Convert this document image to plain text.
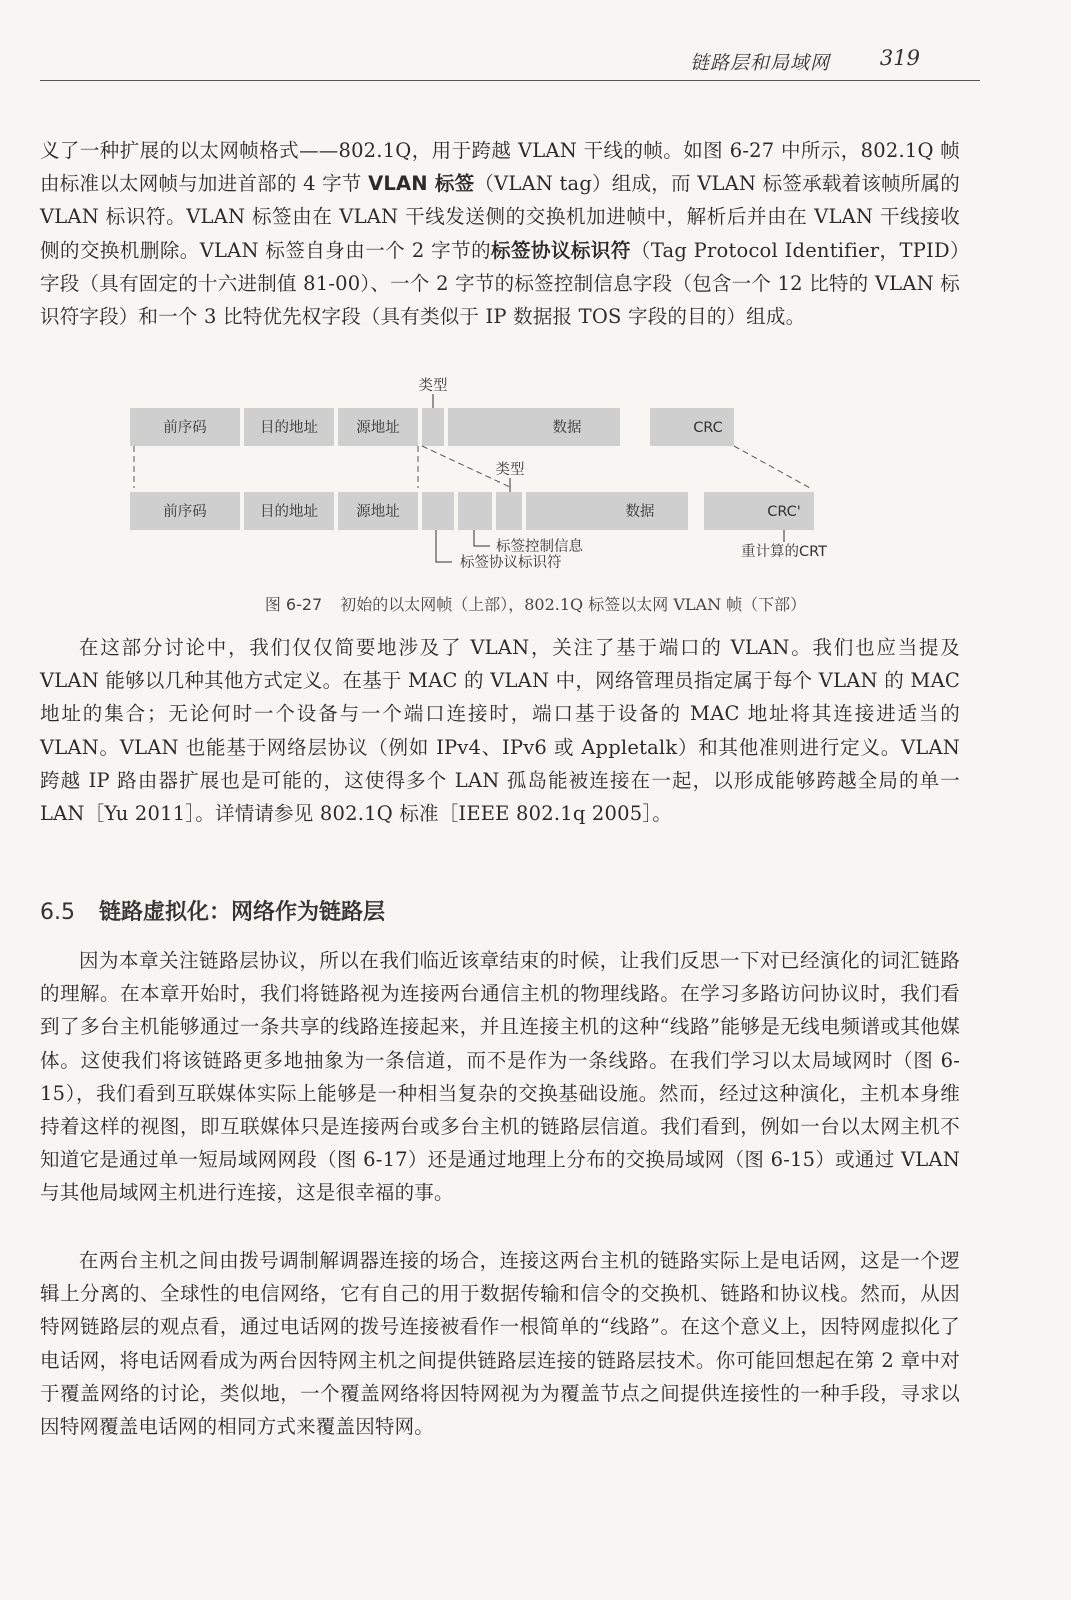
链路层和局域网 319

义了一种扩展的以太网帧格式——802.1Q，用于跨越 VLAN 干线的帧。如图 6-27 中所示，802.1Q 帧由标准以太网帧与加进首部的 4 字节 VLAN 标签（VLAN tag）组成，而 VLAN 标签承载着该帧所属的 VLAN 标识符。VLAN 标签由在 VLAN 干线发送侧的交换机加进帧中，解析后并由在 VLAN 干线接收侧的交换机删除。VLAN 标签自身由一个 2 字节的标签协议标识符（Tag Protocol Identifier，TPID）字段（具有固定的十六进制值 81-00）、一个 2 字节的标签控制信息字段（包含一个 12 比特的 VLAN 标识符字段）和一个 3 比特优先权字段（具有类似于 IP 数据报 TOS 字段的目的）组成。

前序码	目的地址	源地址	数据	CRC
类型
前序码	目的地址	源地址	数据	CRC'
类型
标签控制信息
标签协议标识符
重计算的CRT
图 6-27 初始的以太网帧（上部），802.1Q 标签以太网 VLAN 帧（下部）

在这部分讨论中，我们仅仅简要地涉及了 VLAN，关注了基于端口的 VLAN。我们也应当提及 VLAN 能够以几种其他方式定义。在基于 MAC 的 VLAN 中，网络管理员指定属于每个 VLAN 的 MAC 地址的集合；无论何时一个设备与一个端口连接时，端口基于设备的 MAC 地址将其连接进适当的 VLAN。VLAN 也能基于网络层协议（例如 IPv4、IPv6 或 Appletalk）和其他准则进行定义。VLAN 跨越 IP 路由器扩展也是可能的，这使得多个 LAN 孤岛能被连接在一起，以形成能够跨越全局的单一 LAN［Yu 2011］。详情请参见 802.1Q 标准［IEEE 802.1q 2005］。

6.5 链路虚拟化：网络作为链路层

因为本章关注链路层协议，所以在我们临近该章结束的时候，让我们反思一下对已经演化的词汇链路的理解。在本章开始时，我们将链路视为连接两台通信主机的物理线路。在学习多路访问协议时，我们看到了多台主机能够通过一条共享的线路连接起来，并且连接主机的这种“线路”能够是无线电频谱或其他媒体。这使我们将该链路更多地抽象为一条信道，而不是作为一条线路。在我们学习以太局域网时（图 6-15），我们看到互联媒体实际上能够是一种相当复杂的交换基础设施。然而，经过这种演化，主机本身维持着这样的视图，即互联媒体只是连接两台或多台主机的链路层信道。我们看到，例如一台以太网主机不知道它是通过单一短局域网网段（图 6-17）还是通过地理上分布的交换局域网（图 6-15）或通过 VLAN 与其他局域网主机进行连接，这是很幸福的事。

在两台主机之间由拨号调制解调器连接的场合，连接这两台主机的链路实际上是电话网，这是一个逻辑上分离的、全球性的电信网络，它有自己的用于数据传输和信令的交换机、链路和协议栈。然而，从因特网链路层的观点看，通过电话网的拨号连接被看作一根简单的“线路”。在这个意义上，因特网虚拟化了电话网，将电话网看成为两台因特网主机之间提供链路层连接的链路层技术。你可能回想起在第 2 章中对于覆盖网络的讨论，类似地，一个覆盖网络将因特网视为为覆盖节点之间提供连接性的一种手段，寻求以因特网覆盖电话网的相同方式来覆盖因特网。
